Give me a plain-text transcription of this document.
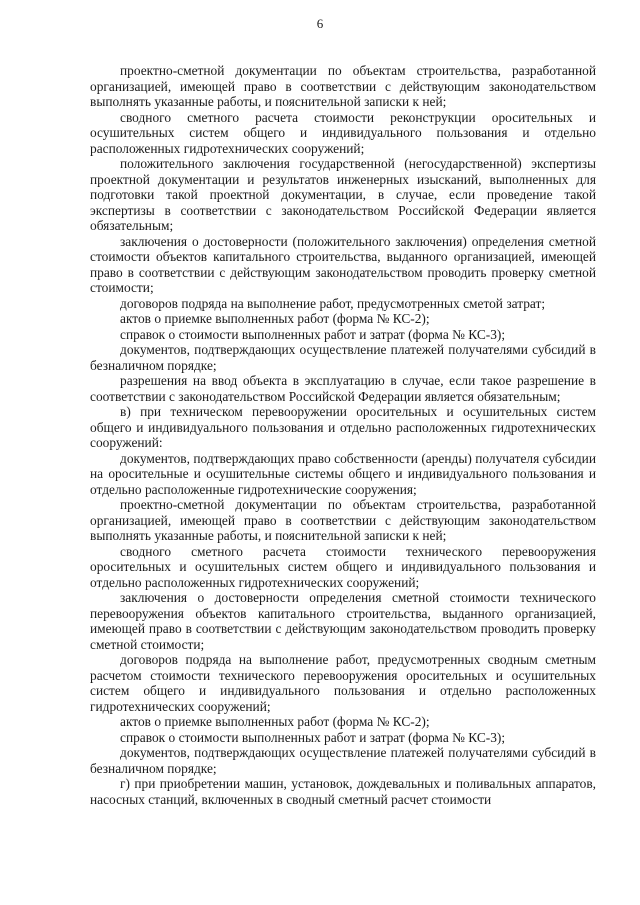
6

проектно-сметной документации по объектам строительства, разработанной организацией, имеющей право в соответствии с действующим законодательством выполнять указанные работы, и пояснительной записки к ней;

сводного сметного расчета стоимости реконструкции оросительных и осушительных систем общего и индивидуального пользования и отдельно расположенных гидротехнических сооружений;

положительного заключения государственной (негосударственной) экспертизы проектной документации и результатов инженерных изысканий, выполненных для подготовки такой проектной документации, в случае, если проведение такой экспертизы в соответствии с законодательством Российской Федерации является обязательным;

заключения о достоверности (положительного заключения) определения сметной стоимости объектов капитального строительства, выданного организацией, имеющей право в соответствии с действующим законодательством проводить проверку сметной стоимости;

договоров подряда на выполнение работ, предусмотренных сметой затрат;

актов о приемке выполненных работ (форма № КС-2);

справок о стоимости выполненных работ и затрат (форма № КС-3);

документов, подтверждающих осуществление платежей получателями субсидий в безналичном порядке;

разрешения на ввод объекта в эксплуатацию в случае, если такое разрешение в соответствии с законодательством Российской Федерации является обязательным;

в) при техническом перевооружении оросительных и осушительных систем общего и индивидуального пользования и отдельно расположенных гидротехнических сооружений:

документов, подтверждающих право собственности (аренды) получателя субсидии на оросительные и осушительные системы общего и индивидуального пользования и отдельно расположенные гидротехнические сооружения;

проектно-сметной документации по объектам строительства, разработанной организацией, имеющей право в соответствии с действующим законодательством выполнять указанные работы, и пояснительной записки к ней;

сводного сметного расчета стоимости технического перевооружения оросительных и осушительных систем общего и индивидуального пользования и отдельно расположенных гидротехнических сооружений;

заключения о достоверности определения сметной стоимости технического перевооружения объектов капитального строительства, выданного организацией, имеющей право в соответствии с действующим законодательством проводить проверку сметной стоимости;

договоров подряда на выполнение работ, предусмотренных сводным сметным расчетом стоимости технического перевооружения оросительных и осушительных систем общего и индивидуального пользования и отдельно расположенных гидротехнических сооружений;

актов о приемке выполненных работ (форма № КС-2);

справок о стоимости выполненных работ и затрат (форма № КС-3);

документов, подтверждающих осуществление платежей получателями субсидий в безналичном порядке;

г) при приобретении машин, установок, дождевальных и поливальных аппаратов, насосных станций, включенных в сводный сметный расчет стоимости
